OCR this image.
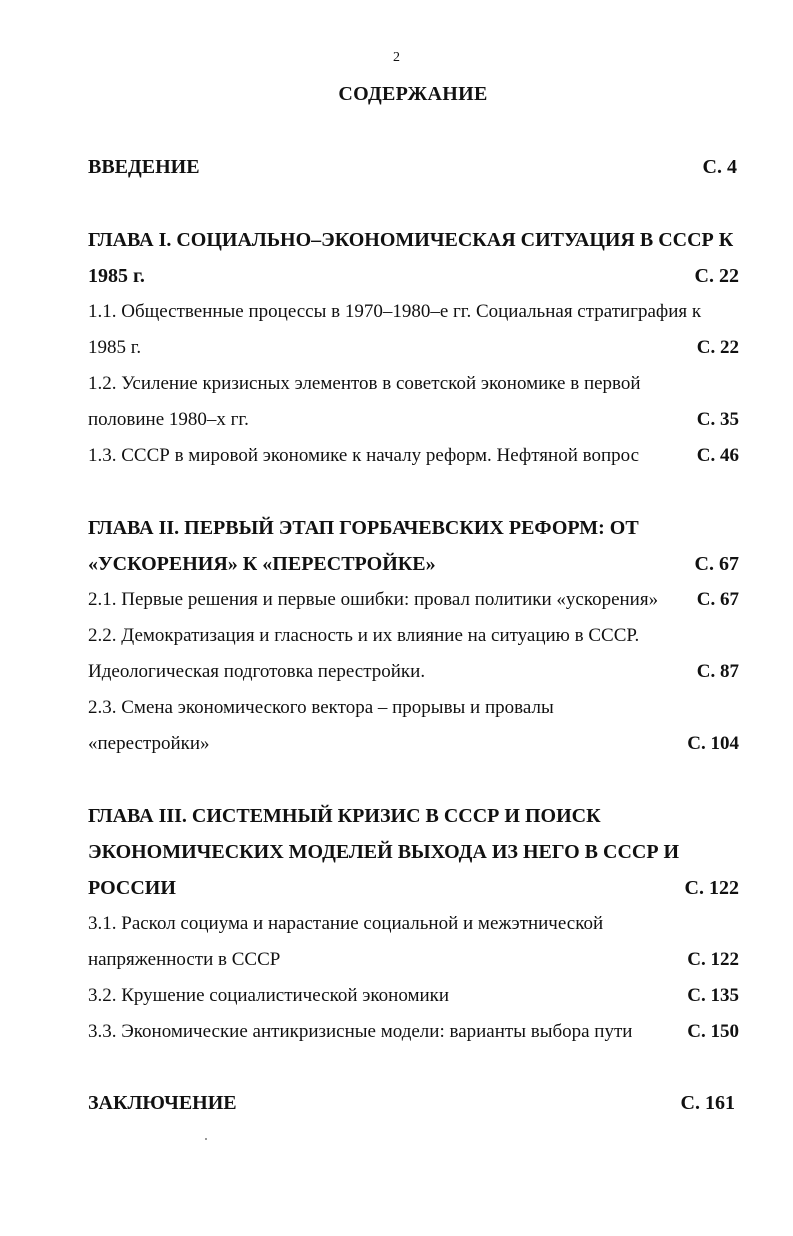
2
СОДЕРЖАНИЕ
ВВЕДЕНИЕ	С. 4
ГЛАВА I. СОЦИАЛЬНО–ЭКОНОМИЧЕСКАЯ СИТУАЦИЯ В СССР К
1985 г.	С. 22
1.1. Общественные процессы в 1970–1980–е гг. Социальная стратиграфия к
1985 г.	С. 22
1.2. Усиление кризисных элементов в советской экономике в первой
половине 1980–х гг.	С. 35
1.3. СССР в мировой экономике к началу реформ. Нефтяной вопрос	С. 46
ГЛАВА II. ПЕРВЫЙ ЭТАП ГОРБАЧЕВСКИХ РЕФОРМ: ОТ
«УСКОРЕНИЯ» К «ПЕРЕСТРОЙКЕ»	С. 67
2.1. Первые решения и первые ошибки: провал политики «ускорения» С. 67
2.2. Демократизация и гласность и их влияние на ситуацию в СССР.
Идеологическая подготовка перестройки.	С. 87
2.3. Смена экономического вектора – прорывы и провалы
«перестройки»	С. 104
ГЛАВА III. СИСТЕМНЫЙ КРИЗИС В СССР И ПОИСК
ЭКОНОМИЧЕСКИХ МОДЕЛЕЙ ВЫХОДА ИЗ НЕГО В СССР И
РОССИИ	С. 122
3.1. Раскол социума и нарастание социальной и межэтнической
напряженности в СССР	С. 122
3.2. Крушение социалистической экономики	С. 135
3.3. Экономические антикризисные модели: варианты выбора пути	С. 150
ЗАКЛЮЧЕНИЕ	С. 161
